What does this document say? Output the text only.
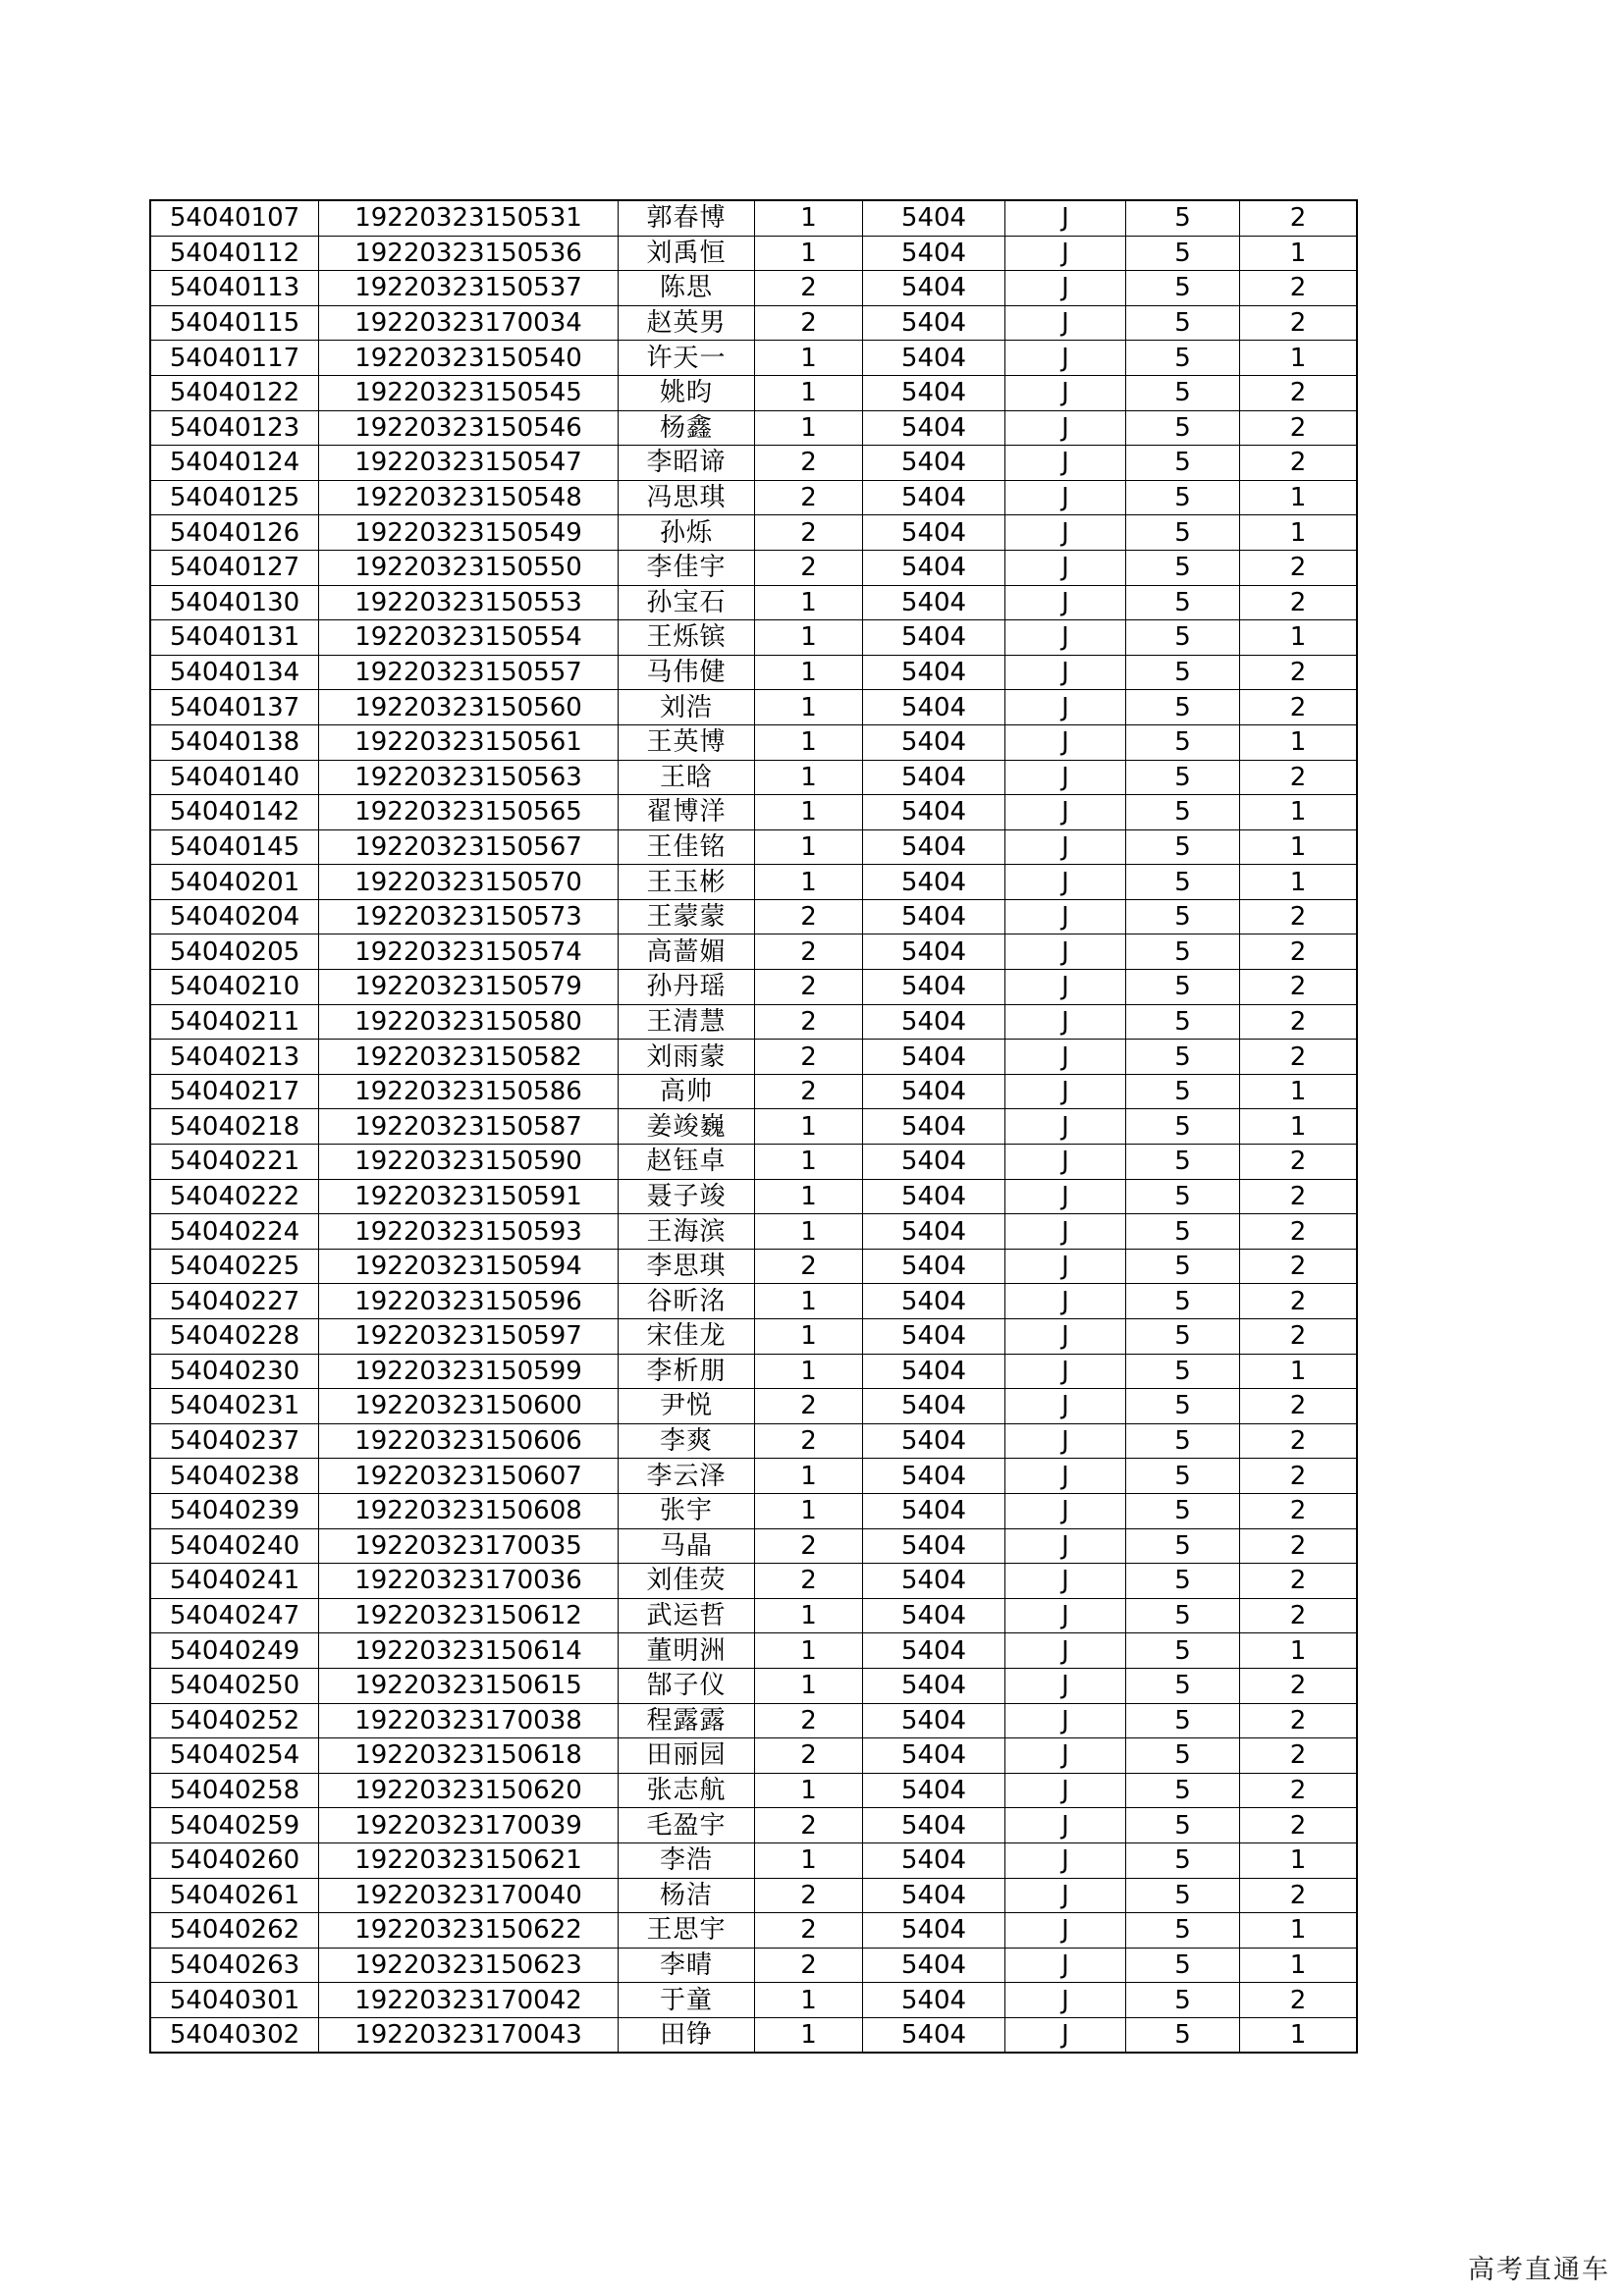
54040107	19220323150531	郭春博	1	5404	J	5	2
54040112	19220323150536	刘禹恒	1	5404	J	5	1
54040113	19220323150537	陈思	2	5404	J	5	2
54040115	19220323170034	赵英男	2	5404	J	5	2
54040117	19220323150540	许天一	1	5404	J	5	1
54040122	19220323150545	姚昀	1	5404	J	5	2
54040123	19220323150546	杨鑫	1	5404	J	5	2
54040124	19220323150547	李昭谛	2	5404	J	5	2
54040125	19220323150548	冯思琪	2	5404	J	5	1
54040126	19220323150549	孙烁	2	5404	J	5	1
54040127	19220323150550	李佳宇	2	5404	J	5	2
54040130	19220323150553	孙宝石	1	5404	J	5	2
54040131	19220323150554	王烁镔	1	5404	J	5	1
54040134	19220323150557	马伟健	1	5404	J	5	2
54040137	19220323150560	刘浩	1	5404	J	5	2
54040138	19220323150561	王英博	1	5404	J	5	1
54040140	19220323150563	王晗	1	5404	J	5	2
54040142	19220323150565	翟博洋	1	5404	J	5	1
54040145	19220323150567	王佳铭	1	5404	J	5	1
54040201	19220323150570	王玉彬	1	5404	J	5	1
54040204	19220323150573	王蒙蒙	2	5404	J	5	2
54040205	19220323150574	高蔷媚	2	5404	J	5	2
54040210	19220323150579	孙丹瑶	2	5404	J	5	2
54040211	19220323150580	王清慧	2	5404	J	5	2
54040213	19220323150582	刘雨蒙	2	5404	J	5	2
54040217	19220323150586	高帅	2	5404	J	5	1
54040218	19220323150587	姜竣巍	1	5404	J	5	1
54040221	19220323150590	赵钰卓	1	5404	J	5	2
54040222	19220323150591	聂子竣	1	5404	J	5	2
54040224	19220323150593	王海滨	1	5404	J	5	2
54040225	19220323150594	李思琪	2	5404	J	5	2
54040227	19220323150596	谷昕洺	1	5404	J	5	2
54040228	19220323150597	宋佳龙	1	5404	J	5	2
54040230	19220323150599	李析朋	1	5404	J	5	1
54040231	19220323150600	尹悦	2	5404	J	5	2
54040237	19220323150606	李爽	2	5404	J	5	2
54040238	19220323150607	李云泽	1	5404	J	5	2
54040239	19220323150608	张宇	1	5404	J	5	2
54040240	19220323170035	马晶	2	5404	J	5	2
54040241	19220323170036	刘佳荧	2	5404	J	5	2
54040247	19220323150612	武运哲	1	5404	J	5	2
54040249	19220323150614	董明洲	1	5404	J	5	1
54040250	19220323150615	郜子仪	1	5404	J	5	2
54040252	19220323170038	程露露	2	5404	J	5	2
54040254	19220323150618	田丽园	2	5404	J	5	2
54040258	19220323150620	张志航	1	5404	J	5	2
54040259	19220323170039	毛盈宇	2	5404	J	5	2
54040260	19220323150621	李浩	1	5404	J	5	1
54040261	19220323170040	杨洁	2	5404	J	5	2
54040262	19220323150622	王思宇	2	5404	J	5	1
54040263	19220323150623	李晴	2	5404	J	5	1
54040301	19220323170042	于童	1	5404	J	5	2
54040302	19220323170043	田铮	1	5404	J	5	1
高考直通车
